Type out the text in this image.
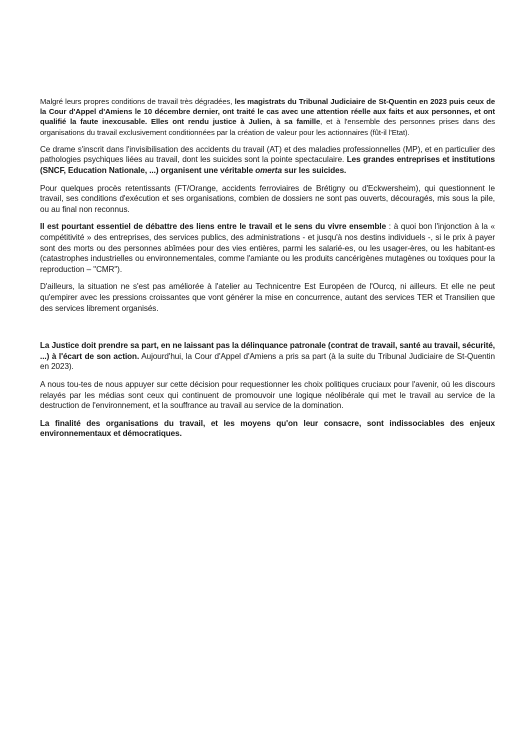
Malgré leurs propres conditions de travail très dégradées, les magistrats du Tribunal Judiciaire de St-Quentin en 2023 puis ceux de la Cour d'Appel d'Amiens le 10 décembre dernier, ont traité le cas avec une attention réelle aux faits et aux personnes, et ont qualifié la faute inexcusable. Elles ont rendu justice à Julien, à sa famille, et à l'ensemble des personnes prises dans des organisations du travail exclusivement conditionnées par la création de valeur pour les actionnaires (fût-il l'Etat).

Ce drame s'inscrit dans l'invisibilisation des accidents du travail (AT) et des maladies professionnelles (MP), et en particulier des pathologies psychiques liées au travail, dont les suicides sont la pointe spectaculaire. Les grandes entreprises et institutions (SNCF, Education Nationale, ...) organisent une véritable omerta sur les suicides.

Pour quelques procès retentissants (FT/Orange, accidents ferroviaires de Brétigny ou d'Eckwersheim), qui questionnent le travail, ses conditions d'exécution et ses organisations, combien de dossiers ne sont pas ouverts, découragés, mis sous la pile, ou au final non reconnus.

Il est pourtant essentiel de débattre des liens entre le travail et le sens du vivre ensemble : à quoi bon l'injonction à la « compétitivité » des entreprises, des services publics, des administrations - et jusqu'à nos destins individuels -, si le prix à payer sont des morts ou des personnes abîmées pour des vies entières, parmi les salarié-es, ou les usager-ères, ou les habitant-es (catastrophes industrielles ou environnementales, comme l'amiante ou les produits cancérigènes mutagènes ou toxiques pour la reproduction – "CMR").

D'ailleurs, la situation ne s'est pas améliorée à l'atelier au Technicentre Est Européen de l'Ourcq, ni ailleurs. Et elle ne peut qu'empirer avec les pressions croissantes que vont générer la mise en concurrence, autant des services TER et Transilien que des services librement organisés.

La Justice doit prendre sa part, en ne laissant pas la délinquance patronale (contrat de travail, santé au travail, sécurité, ...) à l'écart de son action. Aujourd'hui, la Cour d'Appel d'Amiens a pris sa part (à la suite du Tribunal Judiciaire de St-Quentin en 2023).

A nous tou-tes de nous appuyer sur cette décision pour requestionner les choix politiques cruciaux pour l'avenir, où les discours relayés par les médias sont ceux qui continuent de promouvoir une logique néolibérale qui met le travail au service de la destruction de l'environnement, et la souffrance au travail au service de la domination.

La finalité des organisations du travail, et les moyens qu'on leur consacre, sont indissociables des enjeux environnementaux et démocratiques.
